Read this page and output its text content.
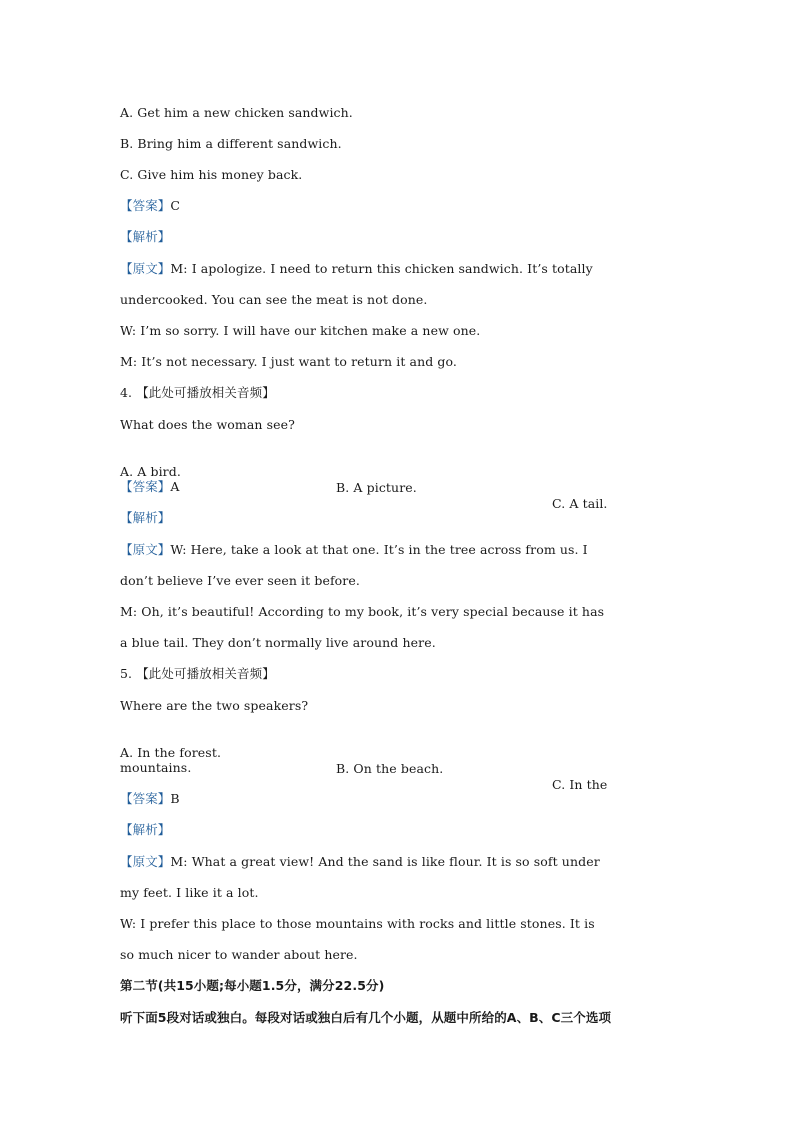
A. Get him a new chicken sandwich.
B. Bring him a different sandwich.
C. Give him his money back.
【答案】C
【解析】
【原文】M: I apologize. I need to return this chicken sandwich. It’s totally
undercooked. You can see the meat is not done.
W: I’m so sorry. I will have our kitchen make a new one.
M: It’s not necessary. I just want to return it and go.
4. 【此处可播放相关音频】
What does the woman see?

A. A bird.

B. A picture.

C. A tail.

【答案】A
【解析】
【原文】W: Here, take a look at that one. It’s in the tree across from us. I
don’t believe I’ve ever seen it before.
M: Oh, it’s beautiful! According to my book, it’s very special because it has
a blue tail. They don’t normally live around here.
5. 【此处可播放相关音频】
Where are the two speakers?

A. In the forest.

B. On the beach.

C. In the

mountains.
【答案】B
【解析】
【原文】M: What a great view! And the sand is like flour. It is so soft under
my feet. I like it a lot.
W: I prefer this place to those mountains with rocks and little stones. It is
so much nicer to wander about here.
第二节(共15小题;每小题1.5分，满分22.5分)
听下面5段对话或独白。每段对话或独白后有几个小题，从题中所给的A、B、C三个选项
